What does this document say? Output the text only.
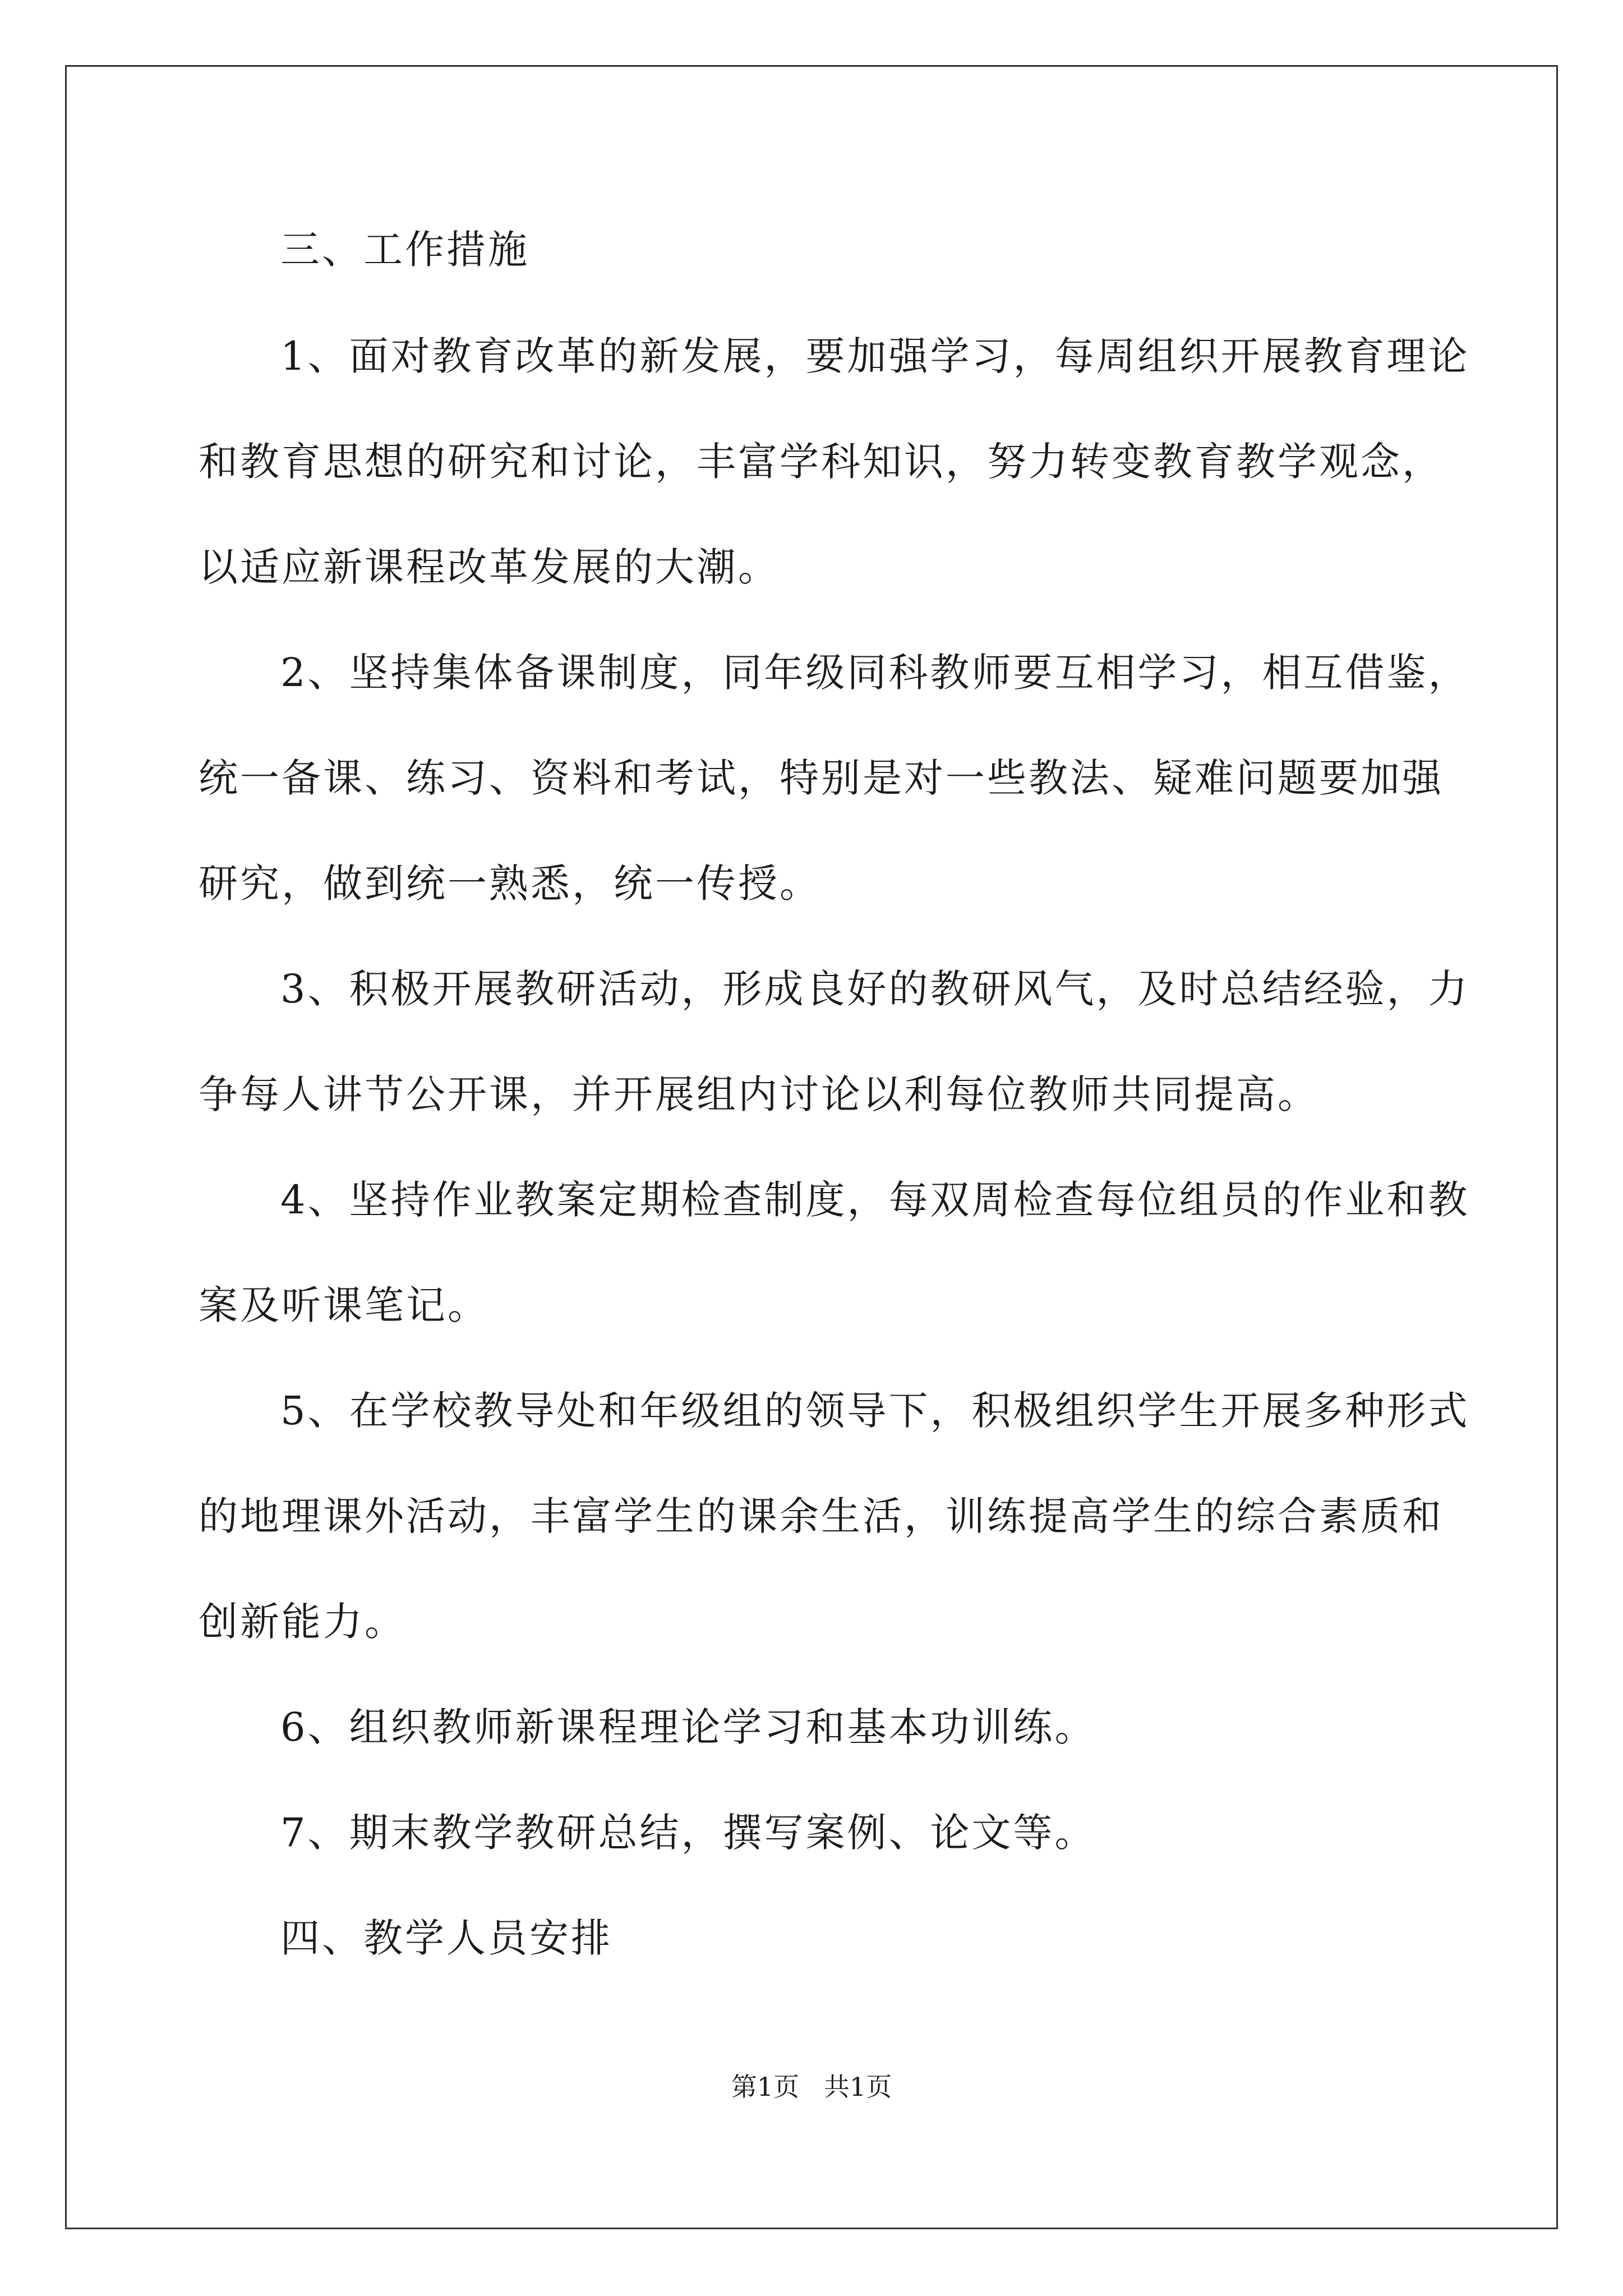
三、工作措施
1、面对教育改革的新发展，要加强学习，每周组织开展教育理论
和教育思想的研究和讨论，丰富学科知识，努力转变教育教学观念，
以适应新课程改革发展的大潮。
2、坚持集体备课制度，同年级同科教师要互相学习，相互借鉴，
统一备课、练习、资料和考试，特别是对一些教法、疑难问题要加强
研究，做到统一熟悉，统一传授。
3、积极开展教研活动，形成良好的教研风气，及时总结经验，力
争每人讲节公开课，并开展组内讨论以利每位教师共同提高。
4、坚持作业教案定期检查制度，每双周检查每位组员的作业和教
案及听课笔记。
5、在学校教导处和年级组的领导下，积极组织学生开展多种形式
的地理课外活动，丰富学生的课余生活，训练提高学生的综合素质和
创新能力。
6、组织教师新课程理论学习和基本功训练。
7、期末教学教研总结，撰写案例、论文等。
四、教学人员安排
第1页   共1页
